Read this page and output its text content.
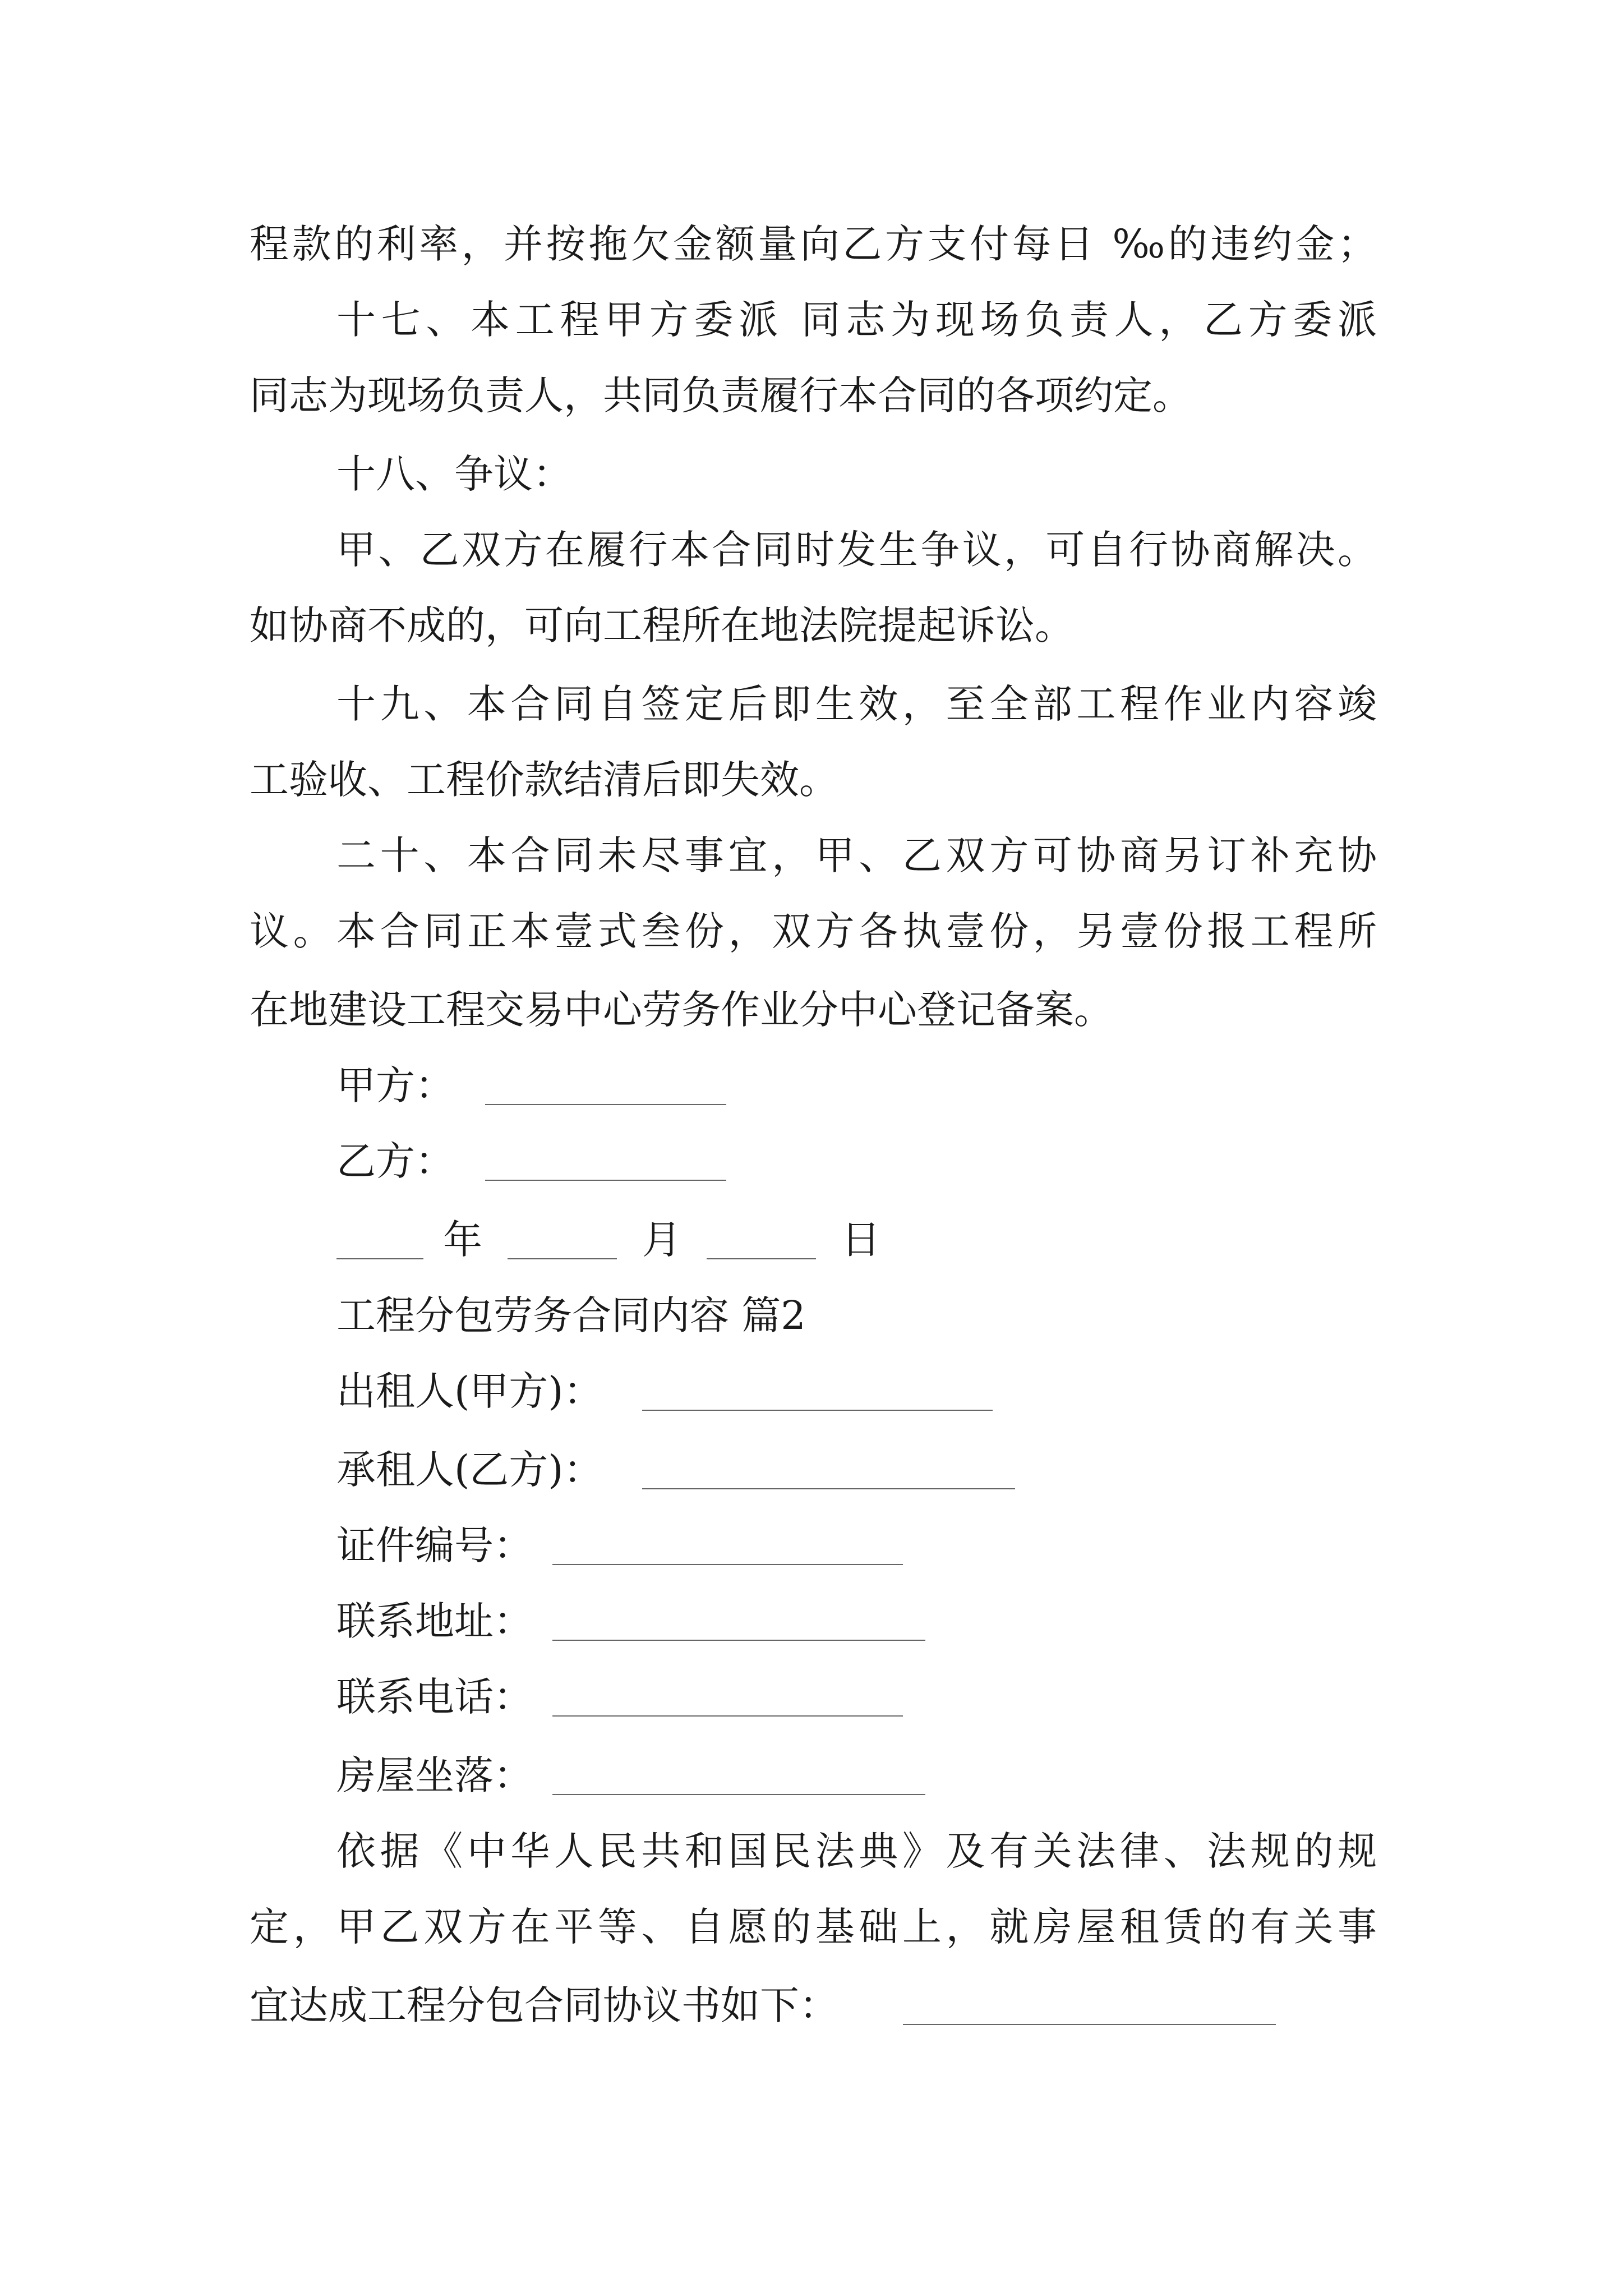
程款的利率，并按拖欠金额量向乙方支付每日 ‰的违约金；
十七、本工程甲方委派 同志为现场负责人，乙方委派
同志为现场负责人，共同负责履行本合同的各项约定。
十八、争议：
甲、乙双方在履行本合同时发生争议，可自行协商解决。
如协商不成的，可向工程所在地法院提起诉讼。
十九、本合同自签定后即生效，至全部工程作业内容竣
工验收、工程价款结清后即失效。
二十、本合同未尽事宜，甲、乙双方可协商另订补充协
议。本合同正本壹式叁份，双方各执壹份，另壹份报工程所
在地建设工程交易中心劳务作业分中心登记备案。
甲方：
乙方：
年	月	日
工程分包劳务合同内容 篇2
出租人(甲方)：
承租人(乙方)：
证件编号：
联系地址：
联系电话：
房屋坐落：
依据《中华人民共和国民法典》及有关法律、法规的规
定，甲乙双方在平等、自愿的基础上，就房屋租赁的有关事
宜达成工程分包合同协议书如下：
